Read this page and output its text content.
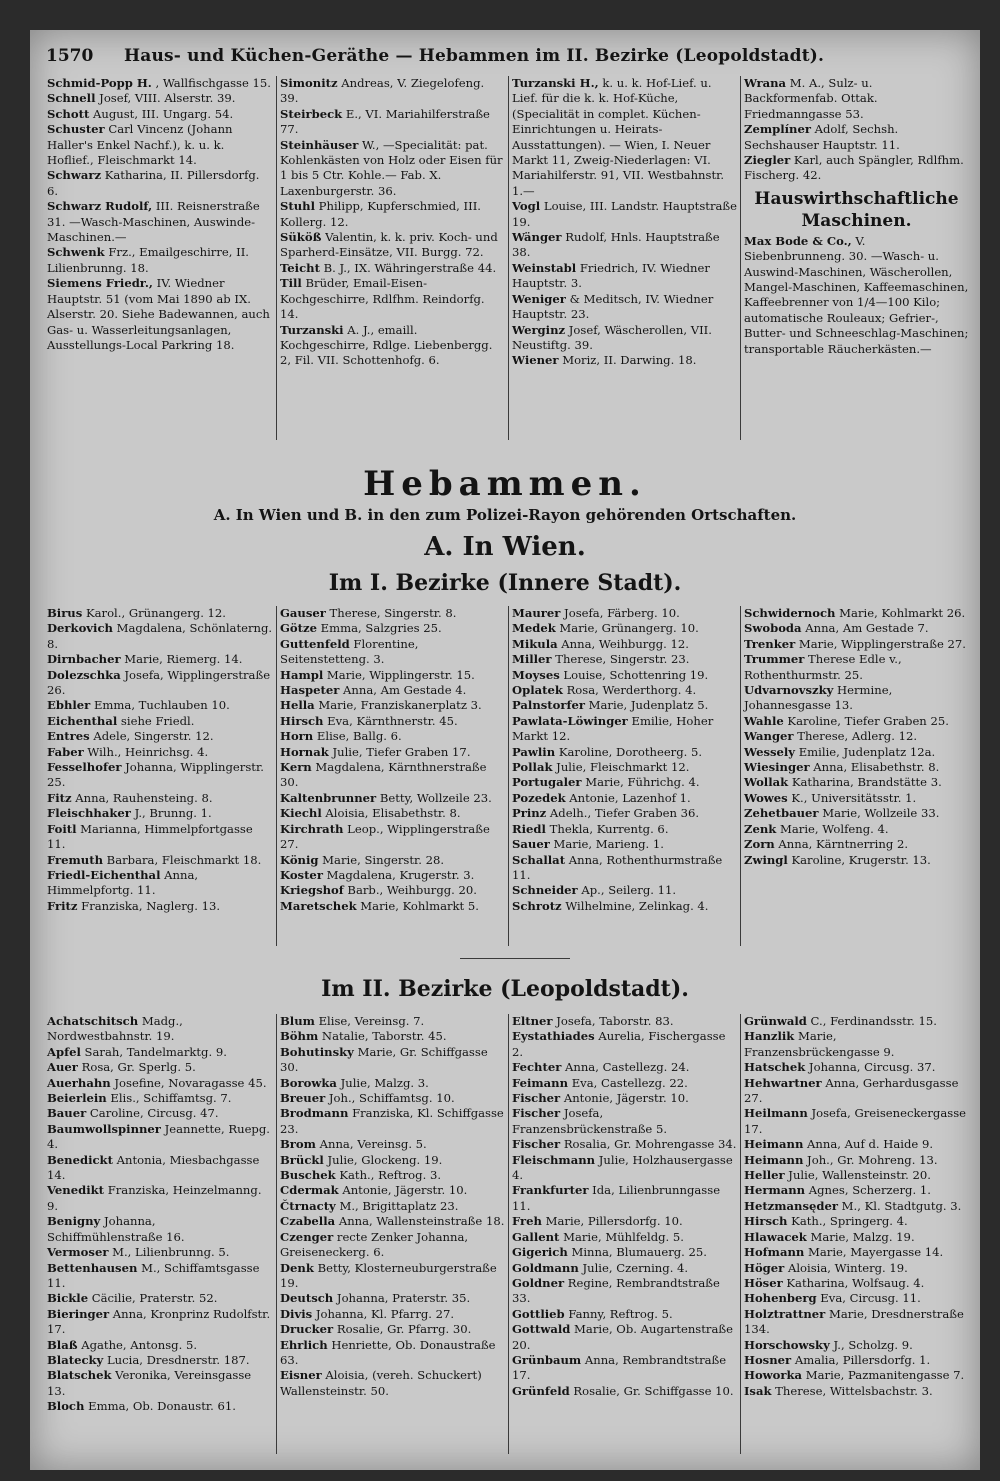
1570 Haus- und Küchen-Geräthe — Hebammen im II. Bezirke (Leopoldstadt).
Schmid-Popp H. , Wallfischgasse 15.
Schnell Josef, VIII. Alserstr. 39.
Schott August, III. Ungarg. 54.
Schuster Carl Vincenz (Johann Haller's Enkel Nachf.), k. u. k. Hoflief., Fleischmarkt 14.
Schwarz Katharina, II. Pillersdorfg. 6.
Schwarz Rudolf, III. Reisnerstraße 31. —Wasch-Maschinen, Auswinde-Maschinen.—
Schwenk Frz., Emailgeschirre, II. Lilienbrunng. 18.
Siemens Friedr., IV. Wiedner Hauptstr. 51 (vom Mai 1890 ab IX. Alserstr. 20. Siehe Badewannen, auch Gas- u. Wasserleitungsanlagen, Ausstellungs-Local Parkring 18.
Simonitz Andreas, V. Ziegelofeng. 39.
Steirbeck E., VI. Mariahilferstraße 77.
Steinhäuser W., —Specialität: pat. Kohlenkästen von Holz oder Eisen für 1 bis 5 Ctr. Kohle.— Fab. X. Laxenburgerstr. 36.
Stuhl Philipp, Kupferschmied, III. Kollerg. 12.
Süköß Valentin, k. k. priv. Koch- und Sparherd-Einsätze, VII. Burgg. 72.
Teicht B. J., IX. Währingerstraße 44.
Till Brüder, Email-Eisen-Kochgeschirre, Rdlfhm. Reindorfg. 14.
Turzanski A. J., emaill. Kochgeschirre, Rdlge. Liebenbergg. 2, Fil. VII. Schottenhofg. 6.
Turzanski H., k. u. k. Hof-Lief. u. Lief. für die k. k. Hof-Küche, (Specialität in complet. Küchen-Einrichtungen u. Heirats-Ausstattungen). — Wien, I. Neuer Markt 11, Zweig-Niederlagen: VI. Mariahilferstr. 91, VII. Westbahnstr. 1.—
Vogl Louise, III. Landstr. Hauptstraße 19.
Wänger Rudolf, Hnls. Hauptstraße 38.
Weinstabl Friedrich, IV. Wiedner Hauptstr. 3.
Weniger & Meditsch, IV. Wiedner Hauptstr. 23.
Werginz Josef, Wäscherollen, VII. Neustiftg. 39.
Wiener Moriz, II. Darwing. 18.
Wrana M. A., Sulz- u. Backformenfab. Ottak. Friedmanngasse 53.
Zemplíner Adolf, Sechsh. Sechshauser Hauptstr. 11.
Ziegler Karl, auch Spängler, Rdlfhm. Fischerg. 42.
Hauswirthschaftliche Maschinen.
Max Bode & Co., V. Siebenbrunneng. 30. —Wasch- u. Auswind-Maschinen, Wäscherollen, Mangel-Maschinen, Kaffeemaschinen, Kaffeebrenner von 1/4—100 Kilo; automatische Rouleaux; Gefrier-, Butter- und Schneeschlag-Maschinen; transportable Räucherkästen.—
Hebammen.
A. In Wien und B. in den zum Polizei-Rayon gehörenden Ortschaften.
A. In Wien.
Im I. Bezirke (Innere Stadt).
Birus Karol., Grünangerg. 12.
Derkovich Magdalena, Schönlaterng. 8.
Dirnbacher Marie, Riemerg. 14.
Dolezschka Josefa, Wipplingerstraße 26.
Ebhler Emma, Tuchlauben 10.
Eichenthal siehe Friedl.
Entres Adele, Singerstr. 12.
Faber Wilh., Heinrichsg. 4.
Fesselhofer Johanna, Wipplingerstr. 25.
Fitz Anna, Rauhensteing. 8.
Fleischhaker J., Brunng. 1.
Foitl Marianna, Himmelpfortgasse 11.
Fremuth Barbara, Fleischmarkt 18.
Friedl-Eichenthal Anna, Himmelpfortg. 11.
Fritz Franziska, Naglerg. 13.
Gauser Therese, Singerstr. 8.
Götze Emma, Salzgries 25.
Guttenfeld Florentine, Seitenstetteng. 3.
Hampl Marie, Wipplingerstr. 15.
Haspeter Anna, Am Gestade 4.
Hella Marie, Franziskanerplatz 3.
Hirsch Eva, Kärnthnerstr. 45.
Horn Elise, Ballg. 6.
Hornak Julie, Tiefer Graben 17.
Kern Magdalena, Kärnthnerstraße 30.
Kaltenbrunner Betty, Wollzeile 23.
Kiechl Aloisia, Elisabethstr. 8.
Kirchrath Leop., Wipplingerstraße 27.
König Marie, Singerstr. 28.
Koster Magdalena, Krugerstr. 3.
Kriegshof Barb., Weihburgg. 20.
Maretschek Marie, Kohlmarkt 5.
Maurer Josefa, Färberg. 10.
Medek Marie, Grünangerg. 10.
Mikula Anna, Weihburgg. 12.
Miller Therese, Singerstr. 23.
Moyses Louise, Schottenring 19.
Oplatek Rosa, Werderthorg. 4.
Palnstorfer Marie, Judenplatz 5.
Pawlata-Löwinger Emilie, Hoher Markt 12.
Pawlin Karoline, Dorotheerg. 5.
Pollak Julie, Fleischmarkt 12.
Portugaler Marie, Führichg. 4.
Pozedek Antonie, Lazenhof 1.
Prinz Adelh., Tiefer Graben 36.
Riedl Thekla, Kurrentg. 6.
Sauer Marie, Marieng. 1.
Schallat Anna, Rothenthurmstraße 11.
Schneider Ap., Seilerg. 11.
Schrotz Wilhelmine, Zelinkag. 4.
Schwidernoch Marie, Kohlmarkt 26.
Swoboda Anna, Am Gestade 7.
Trenker Marie, Wipplingerstraße 27.
Trummer Therese Edle v., Rothenthurmstr. 25.
Udvarnovszky Hermine, Johannesgasse 13.
Wahle Karoline, Tiefer Graben 25.
Wanger Therese, Adlerg. 12.
Wessely Emilie, Judenplatz 12a.
Wiesinger Anna, Elisabethstr. 8.
Wollak Katharina, Brandstätte 3.
Wowes K., Universitätsstr. 1.
Zehetbauer Marie, Wollzeile 33.
Zenk Marie, Wolfeng. 4.
Zorn Anna, Kärntnerring 2.
Zwingl Karoline, Krugerstr. 13.
Im II. Bezirke (Leopoldstadt).
Achatschitsch Madg., Nordwestbahnstr. 19.
Apfel Sarah, Tandelmarktg. 9.
Auer Rosa, Gr. Sperlg. 5.
Auerhahn Josefine, Novaragasse 45.
Beierlein Elis., Schiffamtsg. 7.
Bauer Caroline, Circusg. 47.
Baumwollspinner Jeannette, Ruepg. 4.
Benedickt Antonia, Miesbachgasse 14.
Venedikt Franziska, Heinzelmanng. 9.
Benigny Johanna, Schiffmühlenstraße 16.
Vermoser M., Lilienbrunng. 5.
Bettenhausen M., Schiffamtsgasse 11.
Bickle Cäcilie, Praterstr. 52.
Bieringer Anna, Kronprinz Rudolfstr. 17.
Blaß Agathe, Antonsg. 5.
Blatecky Lucia, Dresdnerstr. 187.
Blatschek Veronika, Vereinsgasse 13.
Bloch Emma, Ob. Donaustr. 61.
Blum Elise, Vereinsg. 7.
Böhm Natalie, Taborstr. 45.
Bohutinsky Marie, Gr. Schiffgasse 30.
Borowka Julie, Malzg. 3.
Breuer Joh., Schiffamtsg. 10.
Brodmann Franziska, Kl. Schiffgasse 23.
Brom Anna, Vereinsg. 5.
Brückl Julie, Glockeng. 19.
Buschek Kath., Reftrog. 3.
Cdermak Antonie, Jägerstr. 10.
Čtrnacty M., Brigittaplatz 23.
Czabella Anna, Wallensteinstraße 18.
Czenger recte Zenker Johanna, Greiseneckerg. 6.
Denk Betty, Klosterneuburgerstraße 19.
Deutsch Johanna, Praterstr. 35.
Divis Johanna, Kl. Pfarrg. 27.
Drucker Rosalie, Gr. Pfarrg. 30.
Ehrlich Henriette, Ob. Donaustraße 63.
Eisner Aloisia, (vereh. Schuckert) Wallensteinstr. 50.
Eltner Josefa, Taborstr. 83.
Eystathiades Aurelia, Fischergasse 2.
Fechter Anna, Castellezg. 24.
Feimann Eva, Castellezg. 22.
Fischer Antonie, Jägerstr. 10.
Fischer Josefa, Franzensbrückenstraße 5.
Fischer Rosalia, Gr. Mohrengasse 34.
Fleischmann Julie, Holzhausergasse 4.
Frankfurter Ida, Lilienbrunngasse 11.
Freh Marie, Pillersdorfg. 10.
Gallent Marie, Mühlfeldg. 5.
Gigerich Minna, Blumauerg. 25.
Goldmann Julie, Czerning. 4.
Goldner Regine, Rembrandtstraße 33.
Gottlieb Fanny, Reftrog. 5.
Gottwald Marie, Ob. Augartenstraße 20.
Grünbaum Anna, Rembrandtstraße 17.
Grünfeld Rosalie, Gr. Schiffgasse 10.
Grünwald C., Ferdinandsstr. 15.
Hanzlik Marie, Franzensbrückengasse 9.
Hatschek Johanna, Circusg. 37.
Hehwartner Anna, Gerhardusgasse 27.
Heilmann Josefa, Greiseneckergasse 17.
Heimann Anna, Auf d. Haide 9.
Heimann Joh., Gr. Mohreng. 13.
Heller Julie, Wallensteinstr. 20.
Hermann Agnes, Scherzerg. 1.
Hetzmansęder M., Kl. Stadtgutg. 3.
Hirsch Kath., Springerg. 4.
Hlawacek Marie, Malzg. 19.
Hofmann Marie, Mayergasse 14.
Höger Aloisia, Winterg. 19.
Höser Katharina, Wolfsaug. 4.
Hohenberg Eva, Circusg. 11.
Holztrattner Marie, Dresdnerstraße 134.
Horschowsky J., Scholzg. 9.
Hosner Amalia, Pillersdorfg. 1.
Howorka Marie, Pazmanitengasse 7.
Isak Therese, Wittelsbachstr. 3.
